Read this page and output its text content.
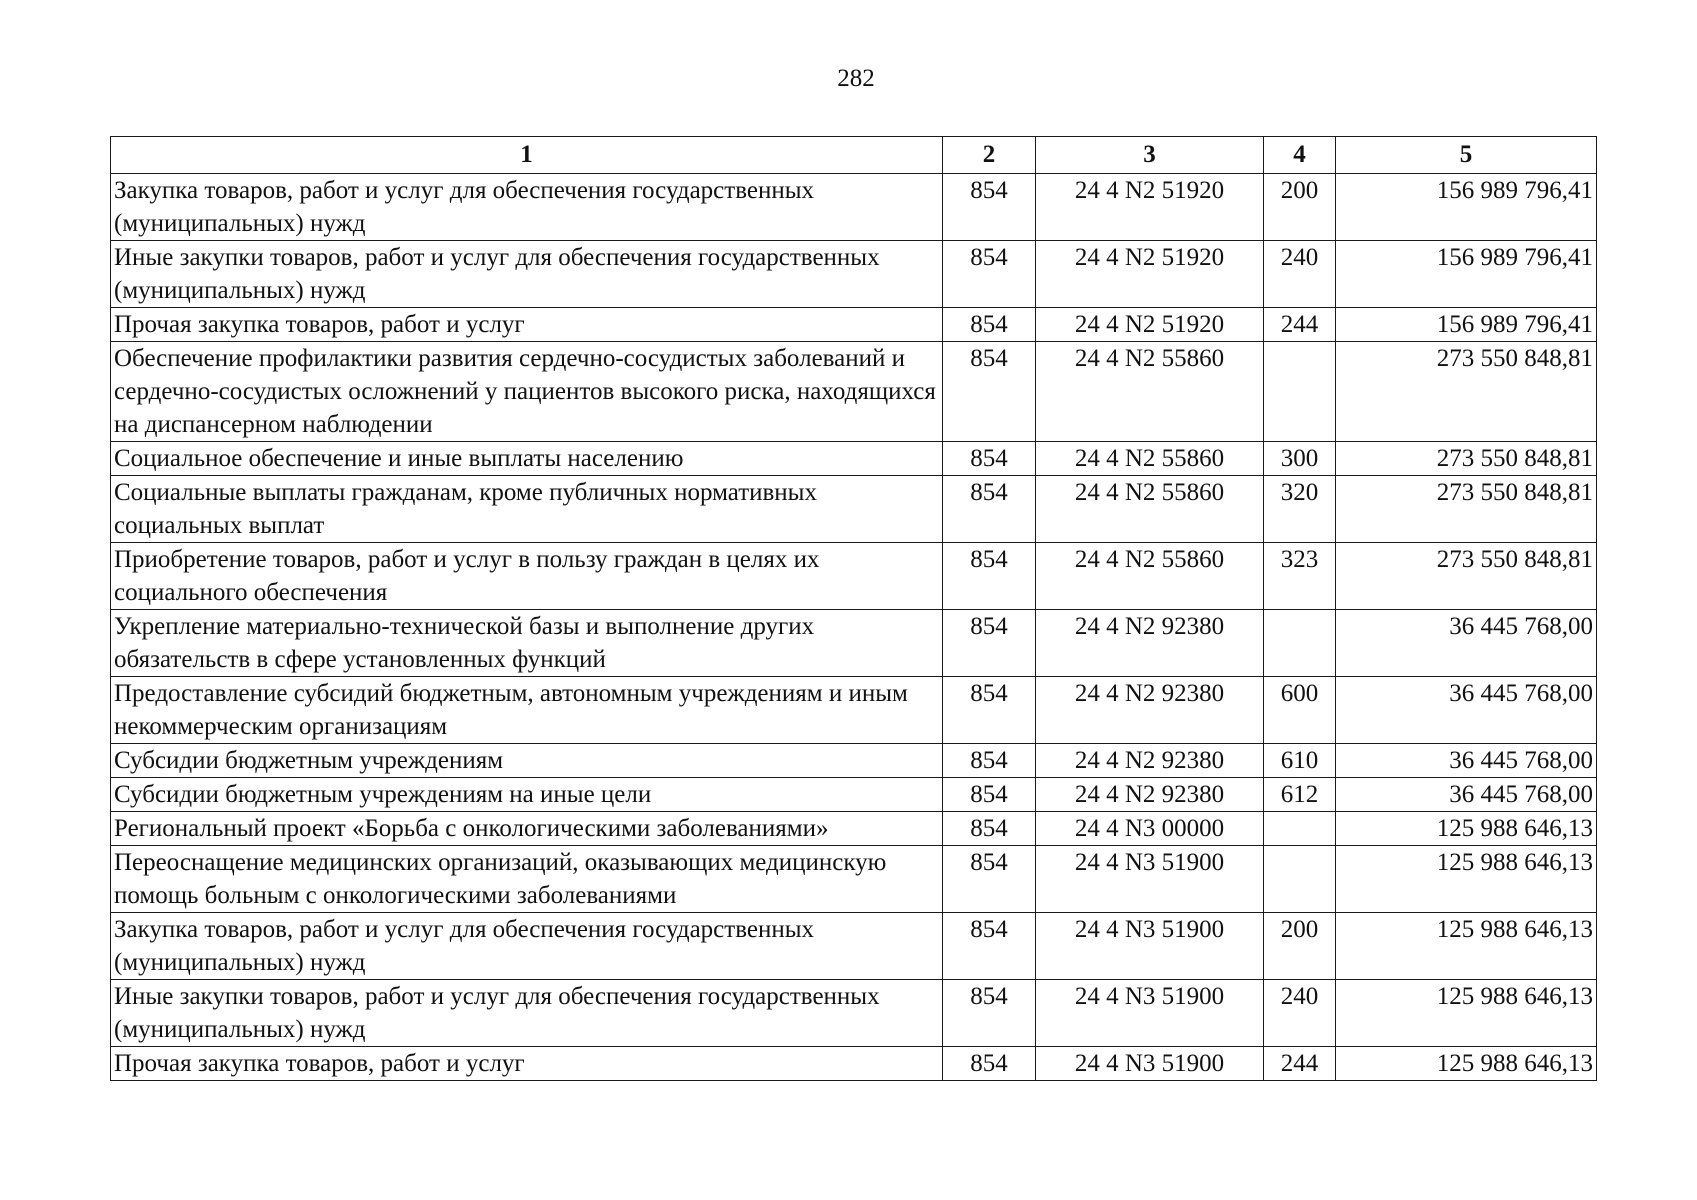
282
1	2	3	4	5
Закупка товаров, работ и услуг для обеспечения государственных (муниципальных) нужд	854	24 4 N2 51920	200	156 989 796,41
Иные закупки товаров, работ и услуг для обеспечения государственных (муниципальных) нужд	854	24 4 N2 51920	240	156 989 796,41
Прочая закупка товаров, работ и услуг	854	24 4 N2 51920	244	156 989 796,41
Обеспечение профилактики развития сердечно-сосудистых заболеваний и сердечно-сосудистых осложнений у пациентов высокого риска, находящихся на диспансерном наблюдении	854	24 4 N2 55860		273 550 848,81
Социальное обеспечение и иные выплаты населению	854	24 4 N2 55860	300	273 550 848,81
Социальные выплаты гражданам, кроме публичных нормативных социальных выплат	854	24 4 N2 55860	320	273 550 848,81
Приобретение товаров, работ и услуг в пользу граждан в целях их социального обеспечения	854	24 4 N2 55860	323	273 550 848,81
Укрепление материально-технической базы и выполнение других обязательств в сфере установленных функций	854	24 4 N2 92380		36 445 768,00
Предоставление субсидий бюджетным, автономным учреждениям и иным некоммерческим организациям	854	24 4 N2 92380	600	36 445 768,00
Субсидии бюджетным учреждениям	854	24 4 N2 92380	610	36 445 768,00
Субсидии бюджетным учреждениям на иные цели	854	24 4 N2 92380	612	36 445 768,00
Региональный проект «Борьба с онкологическими заболеваниями»	854	24 4 N3 00000		125 988 646,13
Переоснащение медицинских организаций, оказывающих медицинскую помощь больным с онкологическими заболеваниями	854	24 4 N3 51900		125 988 646,13
Закупка товаров, работ и услуг для обеспечения государственных (муниципальных) нужд	854	24 4 N3 51900	200	125 988 646,13
Иные закупки товаров, работ и услуг для обеспечения государственных (муниципальных) нужд	854	24 4 N3 51900	240	125 988 646,13
Прочая закупка товаров, работ и услуг	854	24 4 N3 51900	244	125 988 646,13
